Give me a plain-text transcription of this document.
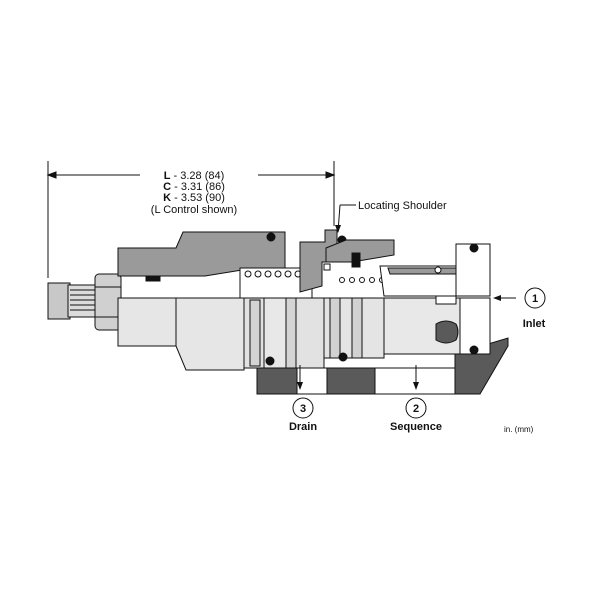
L - 3.28 (84)
C - 3.31 (86)
K - 3.53 (90)
(L Control shown)	Locating Shoulder
1
Inlet
3
Drain
2
Sequence	in. (mm)
